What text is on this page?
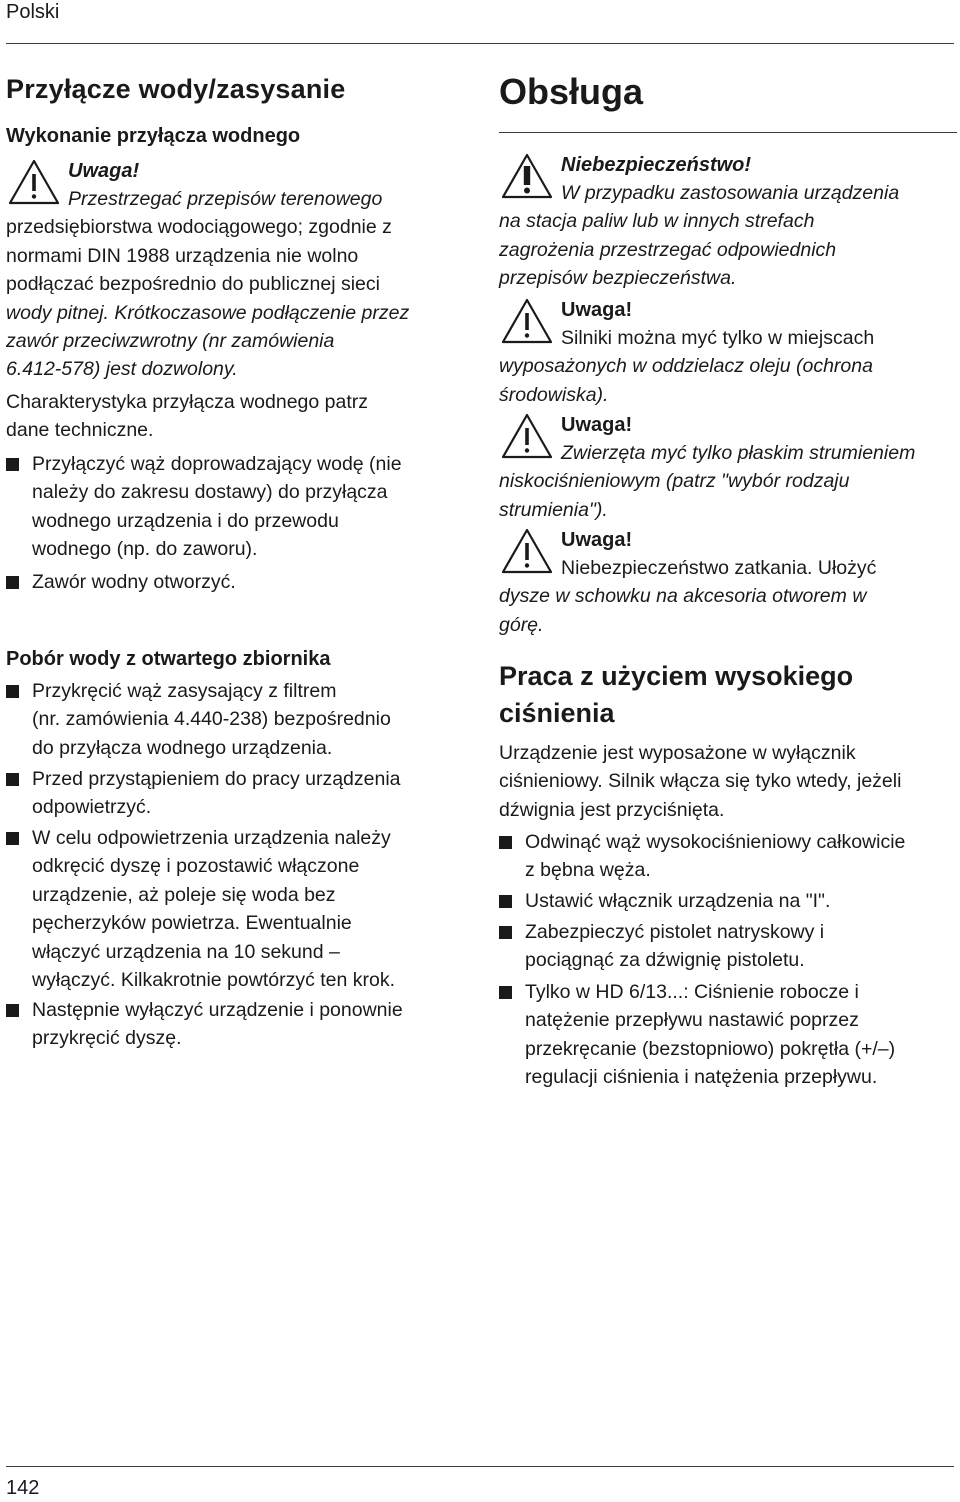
Polski
Przyłącze wody/zasysanie
Wykonanie przyłącza wodnego
Uwaga!
Przestrzegać przepisów terenowego
przedsiębiorstwa wodociągowego; zgodnie z
normami DIN 1988 urządzenia nie wolno
podłączać bezpośrednio do publicznej sieci
wody pitnej. Krótkoczasowe podłączenie przez
zawór przeciwzwrotny (nr zamówienia
6.412-578) jest dozwolony.
Charakterystyka przyłącza wodnego patrz
dane techniczne.
Przyłączyć wąż doprowadzający wodę (nie
należy do zakresu dostawy) do przyłącza
wodnego urządzenia i do przewodu
wodnego (np. do zaworu).
Zawór wodny otworzyć.
Pobór wody z otwartego zbiornika
Przykręcić wąż zasysający z filtrem
(nr. zamówienia 4.440-238) bezpośrednio
do przyłącza wodnego urządzenia.
Przed przystąpieniem do pracy urządzenia
odpowietrzyć.
W celu odpowietrzenia urządzenia należy
odkręcić dyszę i pozostawić włączone
urządzenie, aż poleje się woda bez
pęcherzyków powietrza. Ewentualnie
włączyć urządzenia na 10 sekund –
wyłączyć. Kilkakrotnie powtórzyć ten krok.
Następnie wyłączyć urządzenie i ponownie
przykręcić dyszę.
Obsługa
Niebezpieczeństwo!
W przypadku zastosowania urządzenia
na stacja paliw lub w innych strefach
zagrożenia przestrzegać odpowiednich
przepisów bezpieczeństwa.
Uwaga!
Silniki można myć tylko w miejscach
wyposażonych w oddzielacz oleju (ochrona
środowiska).
Uwaga!
Zwierzęta myć tylko płaskim strumieniem
niskociśnieniowym (patrz "wybór rodzaju
strumienia").
Uwaga!
Niebezpieczeństwo zatkania. Ułożyć
dysze w schowku na akcesoria otworem w
górę.
Praca z użyciem wysokiego
ciśnienia
Urządzenie jest wyposażone w wyłącznik
ciśnieniowy. Silnik włącza się tyko wtedy, jeżeli
dźwignia jest przyciśnięta.
Odwinąć wąż wysokociśnieniowy całkowicie
z bębna węża.
Ustawić włącznik urządzenia na "I".
Zabezpieczyć pistolet natryskowy i
pociągnąć za dźwignię pistoletu.
Tylko w HD 6/13...: Ciśnienie robocze i
natężenie przepływu nastawić poprzez
przekręcanie (bezstopniowo) pokrętła (+/–)
regulacji ciśnienia i natężenia przepływu.
142
